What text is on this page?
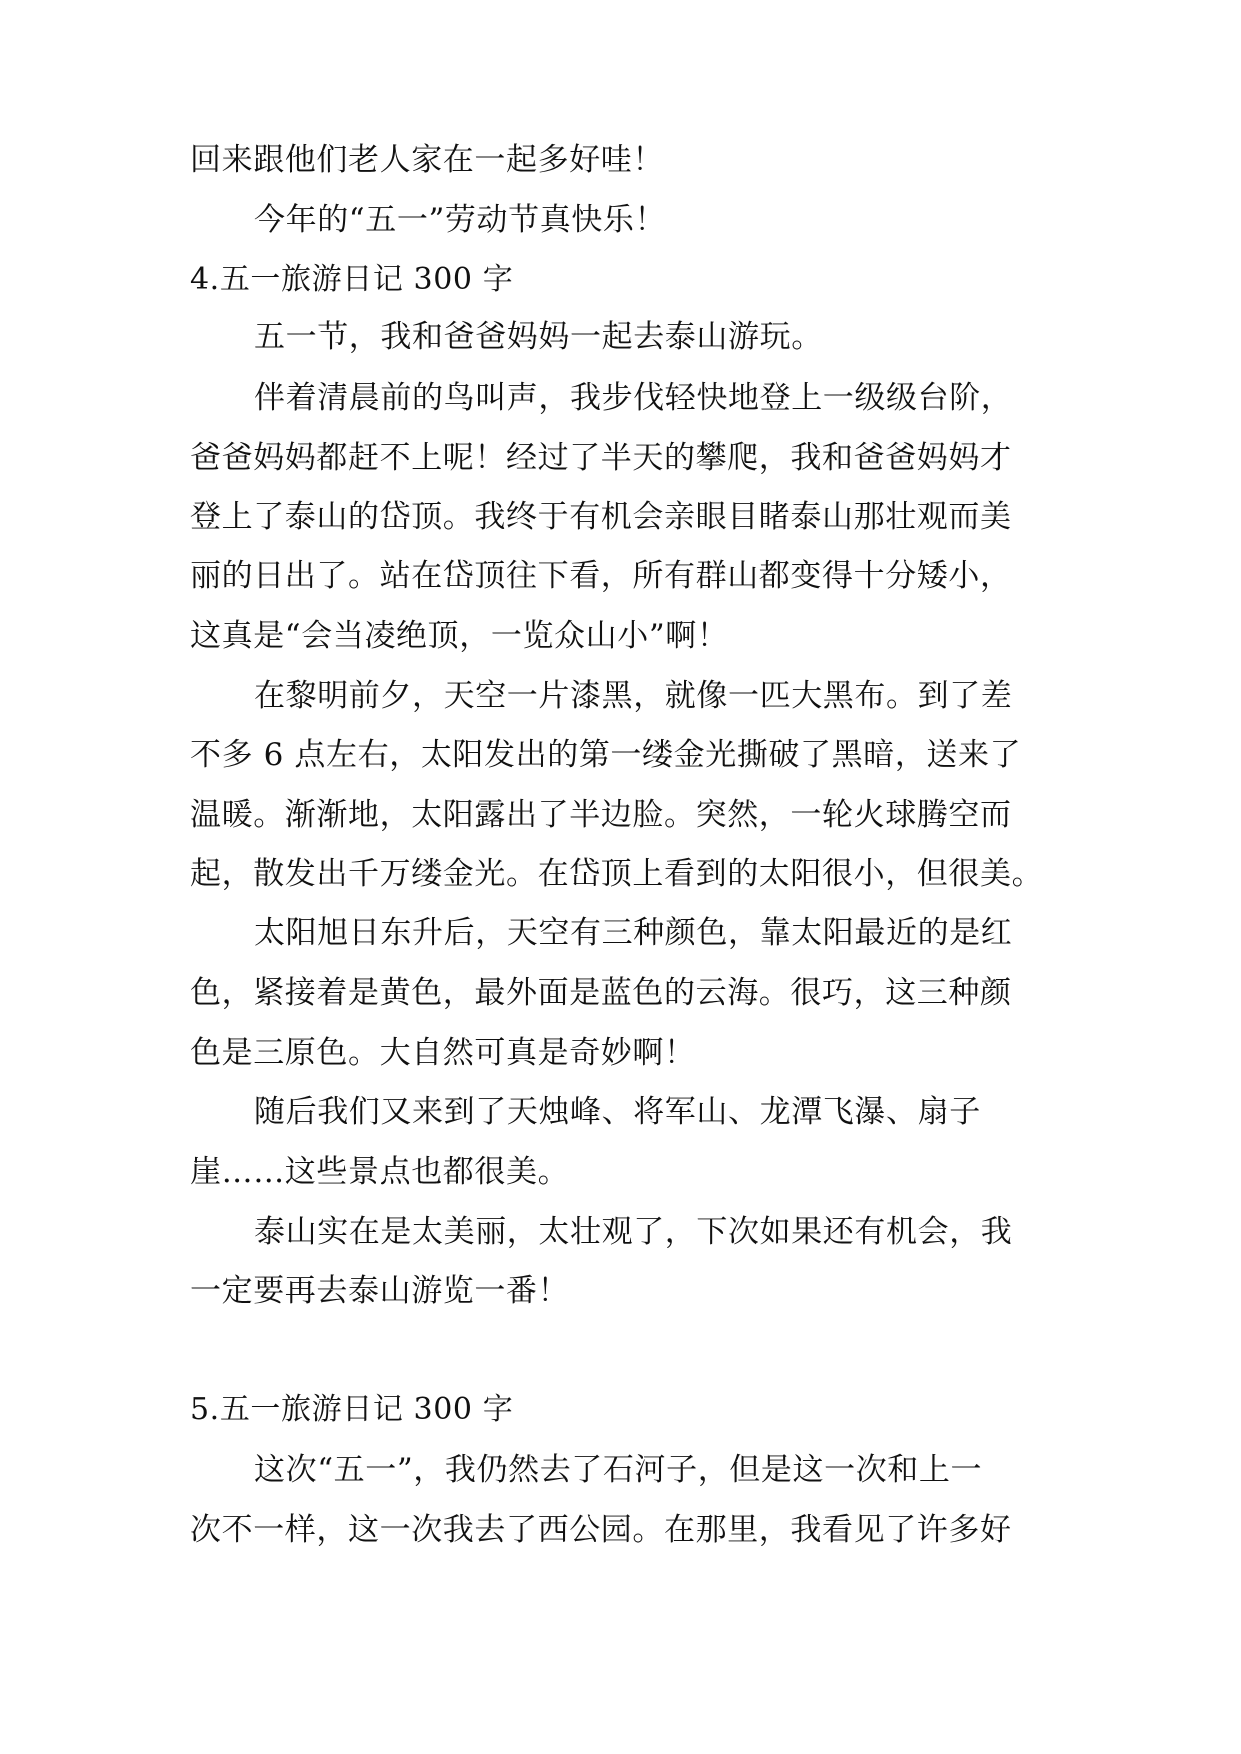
回来跟他们老人家在一起多好哇！
今年的“五一”劳动节真快乐！
4.五一旅游日记 300 字
五一节，我和爸爸妈妈一起去泰山游玩。
伴着清晨前的鸟叫声，我步伐轻快地登上一级级台阶，
爸爸妈妈都赶不上呢！经过了半天的攀爬，我和爸爸妈妈才
登上了泰山的岱顶。我终于有机会亲眼目睹泰山那壮观而美
丽的日出了。站在岱顶往下看，所有群山都变得十分矮小，
这真是“会当凌绝顶，一览众山小”啊！
在黎明前夕，天空一片漆黑，就像一匹大黑布。到了差
不多 6 点左右，太阳发出的第一缕金光撕破了黑暗，送来了
温暖。渐渐地，太阳露出了半边脸。突然，一轮火球腾空而
起，散发出千万缕金光。在岱顶上看到的太阳很小，但很美。
太阳旭日东升后，天空有三种颜色，靠太阳最近的是红
色，紧接着是黄色，最外面是蓝色的云海。很巧，这三种颜
色是三原色。大自然可真是奇妙啊！
随后我们又来到了天烛峰、将军山、龙潭飞瀑、扇子
崖……这些景点也都很美。
泰山实在是太美丽，太壮观了，下次如果还有机会，我
一定要再去泰山游览一番！
5.五一旅游日记 300 字
这次“五一”，我仍然去了石河子，但是这一次和上一
次不一样，这一次我去了西公园。在那里，我看见了许多好
